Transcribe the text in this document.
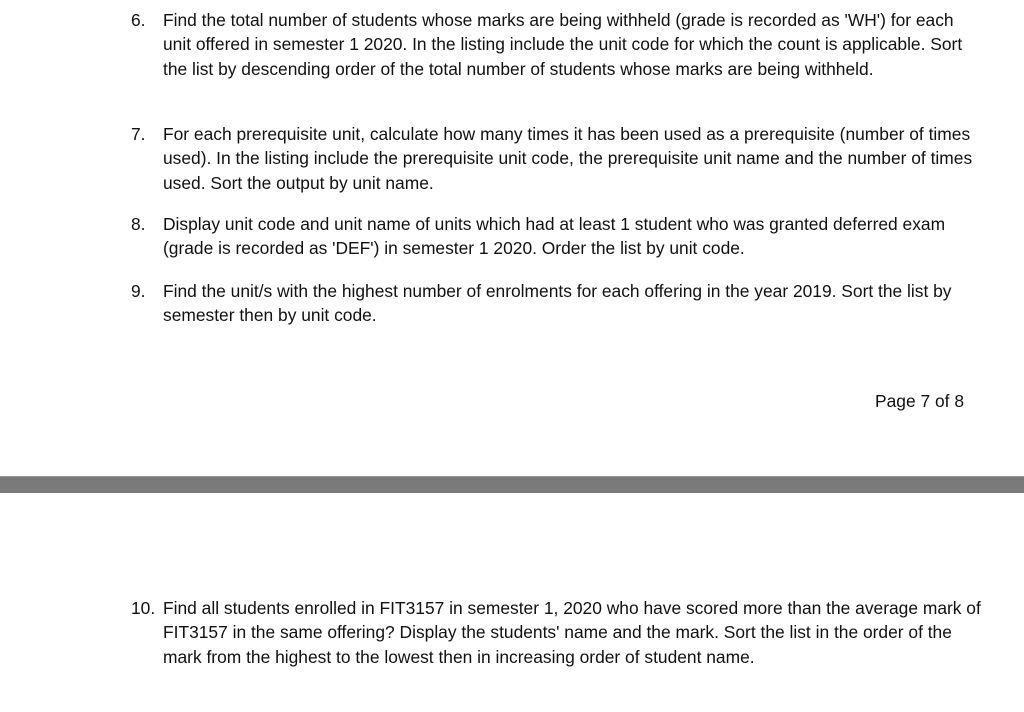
6.	Find the total number of students whose marks are being withheld (grade is recorded as 'WH') for each unit offered in semester 1 2020. In the listing include the unit code for which the count is applicable. Sort the list by descending order of the total number of students whose marks are being withheld.
7.	For each prerequisite unit, calculate how many times it has been used as a prerequisite (number of times used). In the listing include the prerequisite unit code, the prerequisite unit name and the number of times used. Sort the output by unit name.
8.	Display unit code and unit name of units which had at least 1 student who was granted deferred exam (grade is recorded as 'DEF') in semester 1 2020. Order the list by unit code.
9.	Find the unit/s with the highest number of enrolments for each offering in the year 2019. Sort the list by semester then by unit code.
Page 7 of 8
10. Find all students enrolled in FIT3157 in semester 1, 2020 who have scored more than the average mark of FIT3157 in the same offering? Display the students' name and the mark. Sort the list in the order of the mark from the highest to the lowest then in increasing order of student name.
